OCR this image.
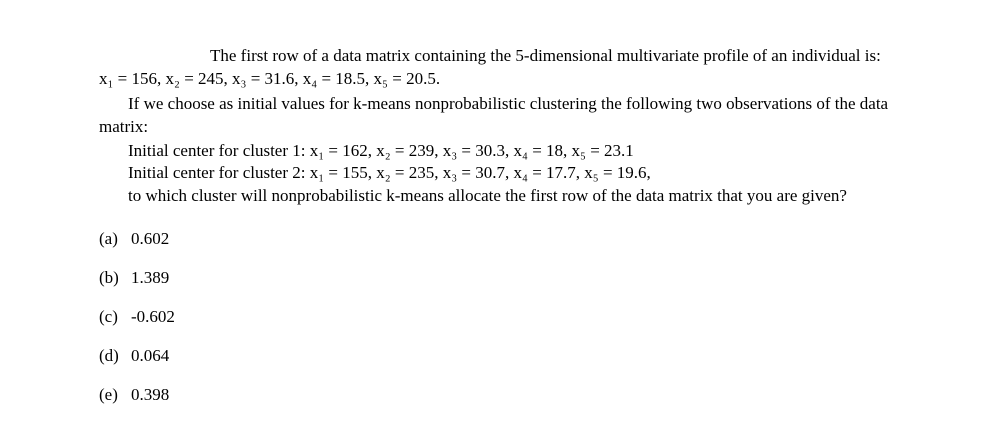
The first row of a data matrix containing the 5-dimensional multivariate profile of an individual is:
x₁ = 156, x₂ = 245, x₃ = 31.6, x₄ = 18.5, x₅ = 20.5.
If we choose as initial values for k-means nonprobabilistic clustering the following two observations of the data
matrix:
Initial center for cluster 1: x₁ = 162, x₂ = 239, x₃ = 30.3, x₄ = 18, x₅ = 23.1
Initial center for cluster 2: x₁ = 155, x₂ = 235, x₃ = 30.7, x₄ = 17.7, x₅ = 19.6,
to which cluster will nonprobabilistic k-means allocate the first row of the data matrix that you are given?
(a) 0.602
(b) 1.389
(c) -0.602
(d) 0.064
(e) 0.398
